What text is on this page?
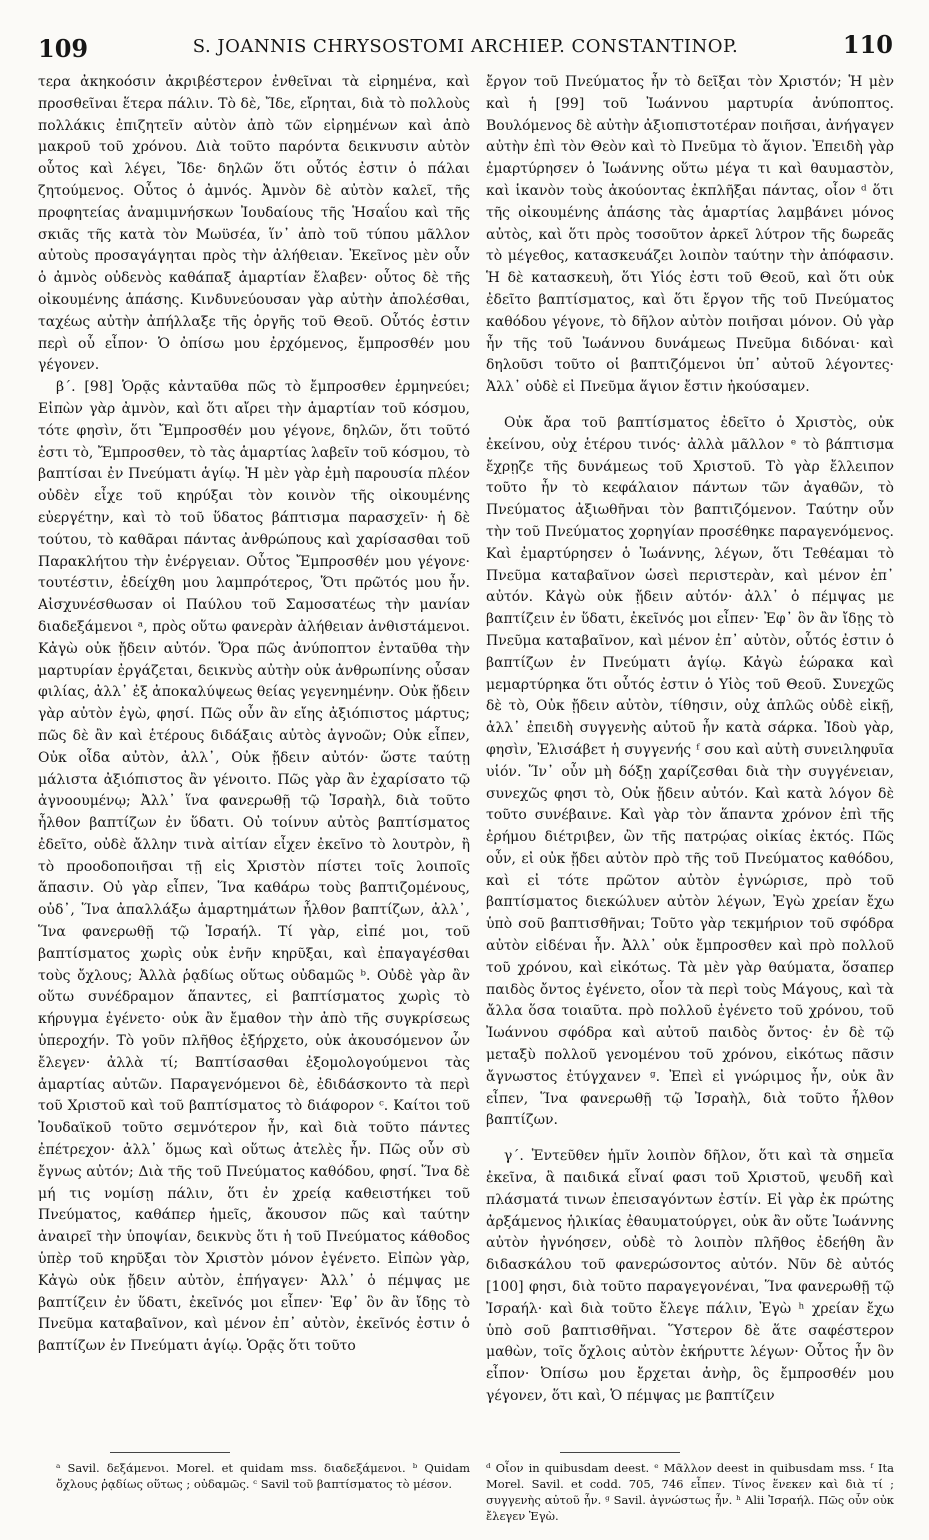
109	S. JOANNIS CHRYSOSTOMI ARCHIEP. CONSTANTINOP.	110

τερα ἀκηκοόσιν ἀκριβέστερον ἐνθεῖναι τὰ εἰρημένα, καὶ προσθεῖναι ἕτερα πάλιν. Τὸ δὲ, Ἴδε, εἴρηται, διὰ τὸ πολλοὺς πολλάκις ἐπιζητεῖν αὐτὸν ἀπὸ τῶν εἰρημένων καὶ ἀπὸ μακροῦ τοῦ χρόνου. Διὰ τοῦτο παρόντα δεικνυσιν αὐτὸν οὗτος καὶ λέγει, Ἴδε· δηλῶν ὅτι οὗτός ἐστιν ὁ πάλαι ζητούμενος. Οὗτος ὁ ἀμνός. Ἀμνὸν δὲ αὐτὸν καλεῖ, τῆς προφητείας ἀναμιμνήσκων Ἰουδαίους τῆς Ἡσαΐου καὶ τῆς σκιᾶς τῆς κατὰ τὸν Μωϋσέα, ἵν᾽ ἀπὸ τοῦ τύπου μᾶλλον αὐτοὺς προσαγάγηται πρὸς τὴν ἀλήθειαν. Ἐκεῖνος μὲν οὖν ὁ ἀμνὸς οὐδενὸς καθάπαξ ἁμαρτίαν ἔλαβεν· οὗτος δὲ τῆς οἰκουμένης ἁπάσης. Κινδυνεύουσαν γὰρ αὐτὴν ἀπολέσθαι, ταχέως αὐτὴν ἀπήλλαξε τῆς ὀργῆς τοῦ Θεοῦ. Οὗτός ἐστιν περὶ οὗ εἶπον· Ὁ ὀπίσω μου ἐρχόμενος, ἔμπροσθέν μου γέγονεν.

β΄. [98] Ὁρᾷς κἀνταῦθα πῶς τὸ ἔμπροσθεν ἑρμηνεύει; Εἰπὼν γὰρ ἀμνὸν, καὶ ὅτι αἴρει τὴν ἁμαρτίαν τοῦ κόσμου, τότε φησὶν, ὅτι Ἔμπροσθέν μου γέγονε, δηλῶν, ὅτι τοῦτό ἐστι τὸ, Ἔμπροσθεν, τὸ τὰς ἁμαρτίας λαβεῖν τοῦ κόσμου, τὸ βαπτίσαι ἐν Πνεύματι ἁγίῳ. Ἡ μὲν γὰρ ἐμὴ παρουσία πλέον οὐδὲν εἶχε τοῦ κηρύξαι τὸν κοινὸν τῆς οἰκουμένης εὐεργέτην, καὶ τὸ τοῦ ὕδατος βάπτισμα παρασχεῖν· ἡ δὲ τούτου, τὸ καθᾶραι πάντας ἀνθρώπους καὶ χαρίσασθαι τοῦ Παρακλήτου τὴν ἐνέργειαν. Οὗτος Ἔμπροσθέν μου γέγονε· τουτέστιν, ἐδείχθη μου λαμπρότερος, Ὅτι πρῶτός μου ἦν. Αἰσχυνέσθωσαν οἱ Παύλου τοῦ Σαμοσατέως τὴν μανίαν διαδεξάμενοι ᵃ, πρὸς οὕτω φανερὰν ἀλήθειαν ἀνθιστάμενοι. Κἀγὼ οὐκ ᾔδειν αὐτόν. Ὅρα πῶς ἀνύποπτον ἐνταῦθα τὴν μαρτυρίαν ἐργάζεται, δεικνὺς αὐτὴν οὐκ ἀνθρωπίνης οὖσαν φιλίας, ἀλλ᾽ ἐξ ἀποκαλύψεως θείας γεγενημένην. Οὐκ ᾔδειν γὰρ αὐτὸν ἐγὼ, φησί. Πῶς οὖν ἂν εἴης ἀξιόπιστος μάρτυς; πῶς δὲ ἂν καὶ ἑτέρους διδάξαις αὐτὸς ἀγνοῶν; Οὐκ εἶπεν, Οὐκ οἶδα αὐτὸν, ἀλλ᾽, Οὐκ ᾔδειν αὐτόν· ὥστε ταύτῃ μάλιστα ἀξιόπιστος ἂν γένοιτο. Πῶς γὰρ ἂν ἐχαρίσατο τῷ ἀγνοουμένῳ; Ἀλλ᾽ ἵνα φανερωθῇ τῷ Ἰσραὴλ, διὰ τοῦτο ἦλθον βαπτίζων ἐν ὕδατι. Οὐ τοίνυν αὐτὸς βαπτίσματος ἐδεῖτο, οὐδὲ ἄλλην τινὰ αἰτίαν εἶχεν ἐκεῖνο τὸ λουτρὸν, ἢ τὸ προοδοποιῆσαι τῇ εἰς Χριστὸν πίστει τοῖς λοιποῖς ἅπασιν. Οὐ γὰρ εἶπεν, Ἵνα καθάρω τοὺς βαπτιζομένους, οὐδ᾽, Ἵνα ἀπαλλάξω ἁμαρτημάτων ἦλθον βαπτίζων, ἀλλ᾽, Ἵνα φανερωθῇ τῷ Ἰσραήλ. Τί γὰρ, εἰπέ μοι, τοῦ βαπτίσματος χωρὶς οὐκ ἐνῆν κηρῦξαι, καὶ ἐπαγαγέσθαι τοὺς ὄχλους; Ἀλλὰ ῥᾳδίως οὕτως οὐδαμῶς ᵇ. Οὐδὲ γὰρ ἂν οὕτω συνέδραμον ἅπαντες, εἰ βαπτίσματος χωρὶς τὸ κήρυγμα ἐγένετο· οὐκ ἂν ἔμαθον τὴν ἀπὸ τῆς συγκρίσεως ὑπεροχήν. Τὸ γοῦν πλῆθος ἐξήρχετο, οὐκ ἀκουσόμενον ὧν ἔλεγεν· ἀλλὰ τί; Βαπτίσασθαι ἐξομολογούμενοι τὰς ἁμαρτίας αὐτῶν. Παραγενόμενοι δὲ, ἐδιδάσκοντο τὰ περὶ τοῦ Χριστοῦ καὶ τοῦ βαπτίσματος τὸ διάφορον ᶜ. Καίτοι τοῦ Ἰουδαϊκοῦ τοῦτο σεμνότερον ἦν, καὶ διὰ τοῦτο πάντες ἐπέτρεχον· ἀλλ᾽ ὅμως καὶ οὕτως ἀτελὲς ἦν. Πῶς οὖν σὺ ἔγνως αὐτόν; Διὰ τῆς τοῦ Πνεύματος καθόδου, φησί. Ἵνα δὲ μή τις νομίσῃ πάλιν, ὅτι ἐν χρείᾳ καθειστήκει τοῦ Πνεύματος, καθάπερ ἡμεῖς, ἄκουσον πῶς καὶ ταύτην ἀναιρεῖ τὴν ὑποψίαν, δεικνὺς ὅτι ἡ τοῦ Πνεύματος κάθοδος ὑπὲρ τοῦ κηρῦξαι τὸν Χριστὸν μόνον ἐγένετο. Εἰπὼν γὰρ, Κἀγὼ οὐκ ᾔδειν αὐτὸν, ἐπήγαγεν· Ἀλλ᾽ ὁ πέμψας με βαπτίζειν ἐν ὕδατι, ἐκεῖνός μοι εἶπεν· Ἐφ᾽ ὃν ἂν ἴδῃς τὸ Πνεῦμα καταβαῖνον, καὶ μένον ἐπ᾽ αὐτὸν, ἐκεῖνός ἐστιν ὁ βαπτίζων ἐν Πνεύματι ἁγίῳ. Ὁρᾷς ὅτι τοῦτο

ἔργον τοῦ Πνεύματος ἦν τὸ δεῖξαι τὸν Χριστόν; Ἡ μὲν καὶ ἡ [99] τοῦ Ἰωάννου μαρτυρία ἀνύποπτος. Βουλόμενος δὲ αὐτὴν ἀξιοπιστοτέραν ποιῆσαι, ἀνήγαγεν αὐτὴν ἐπὶ τὸν Θεὸν καὶ τὸ Πνεῦμα τὸ ἅγιον. Ἐπειδὴ γὰρ ἐμαρτύρησεν ὁ Ἰωάννης οὕτω μέγα τι καὶ θαυμαστὸν, καὶ ἱκανὸν τοὺς ἀκούοντας ἐκπλῆξαι πάντας, οἷον ᵈ ὅτι τῆς οἰκουμένης ἁπάσης τὰς ἁμαρτίας λαμβάνει μόνος αὐτὸς, καὶ ὅτι πρὸς τοσοῦτον ἀρκεῖ λύτρον τῆς δωρεᾶς τὸ μέγεθος, κατασκευάζει λοιπὸν ταύτην τὴν ἀπόφασιν. Ἡ δὲ κατασκευὴ, ὅτι Υἱός ἐστι τοῦ Θεοῦ, καὶ ὅτι οὐκ ἐδεῖτο βαπτίσματος, καὶ ὅτι ἔργον τῆς τοῦ Πνεύματος καθόδου γέγονε, τὸ δῆλον αὐτὸν ποιῆσαι μόνον. Οὐ γὰρ ἦν τῆς τοῦ Ἰωάννου δυνάμεως Πνεῦμα διδόναι· καὶ δηλοῦσι τοῦτο οἱ βαπτιζόμενοι ὑπ᾽ αὐτοῦ λέγοντες· Ἀλλ᾽ οὐδὲ εἰ Πνεῦμα ἅγιον ἔστιν ἠκούσαμεν.

Οὐκ ἄρα τοῦ βαπτίσματος ἐδεῖτο ὁ Χριστὸς, οὐκ ἐκείνου, οὐχ ἑτέρου τινός· ἀλλὰ μᾶλλον ᵉ τὸ βάπτισμα ἔχρῃζε τῆς δυνάμεως τοῦ Χριστοῦ. Τὸ γὰρ ἔλλειπον τοῦτο ἦν τὸ κεφάλαιον πάντων τῶν ἀγαθῶν, τὸ Πνεύματος ἀξιωθῆναι τὸν βαπτιζόμενον. Ταύτην οὖν τὴν τοῦ Πνεύματος χορηγίαν προσέθηκε παραγενόμενος. Καὶ ἐμαρτύρησεν ὁ Ἰωάννης, λέγων, ὅτι Τεθέαμαι τὸ Πνεῦμα καταβαῖνον ὡσεὶ περιστερὰν, καὶ μένον ἐπ᾽ αὐτόν. Κἀγὼ οὐκ ᾔδειν αὐτόν· ἀλλ᾽ ὁ πέμψας με βαπτίζειν ἐν ὕδατι, ἐκεῖνός μοι εἶπεν· Ἐφ᾽ ὃν ἂν ἴδῃς τὸ Πνεῦμα καταβαῖνον, καὶ μένον ἐπ᾽ αὐτὸν, οὗτός ἐστιν ὁ βαπτίζων ἐν Πνεύματι ἁγίῳ. Κἀγὼ ἑώρακα καὶ μεμαρτύρηκα ὅτι οὗτός ἐστιν ὁ Υἱὸς τοῦ Θεοῦ. Συνεχῶς δὲ τὸ, Οὐκ ᾔδειν αὐτὸν, τίθησιν, οὐχ ἁπλῶς οὐδὲ εἰκῇ, ἀλλ᾽ ἐπειδὴ συγγενὴς αὐτοῦ ἦν κατὰ σάρκα. Ἰδοὺ γὰρ, φησὶν, Ἐλισάβετ ἡ συγγενής ᶠ σου καὶ αὐτὴ συνειληφυῖα υἱόν. Ἵν᾽ οὖν μὴ δόξῃ χαρίζεσθαι διὰ τὴν συγγένειαν, συνεχῶς φησι τὸ, Οὐκ ᾔδειν αὐτόν. Καὶ κατὰ λόγον δὲ τοῦτο συνέβαινε. Καὶ γὰρ τὸν ἅπαντα χρόνον ἐπὶ τῆς ἐρήμου διέτριβεν, ὢν τῆς πατρῴας οἰκίας ἐκτός. Πῶς οὖν, εἰ οὐκ ᾔδει αὐτὸν πρὸ τῆς τοῦ Πνεύματος καθόδου, καὶ εἰ τότε πρῶτον αὐτὸν ἐγνώρισε, πρὸ τοῦ βαπτίσματος διεκώλυεν αὐτὸν λέγων, Ἐγὼ χρείαν ἔχω ὑπὸ σοῦ βαπτισθῆναι; Τοῦτο γὰρ τεκμήριον τοῦ σφόδρα αὐτὸν εἰδέναι ἦν. Ἀλλ᾽ οὐκ ἔμπροσθεν καὶ πρὸ πολλοῦ τοῦ χρόνου, καὶ εἰκότως. Τὰ μὲν γὰρ θαύματα, ὅσαπερ παιδὸς ὄντος ἐγένετο, οἷον τὰ περὶ τοὺς Μάγους, καὶ τὰ ἄλλα ὅσα τοιαῦτα. πρὸ πολλοῦ ἐγένετο τοῦ χρόνου, τοῦ Ἰωάννου σφόδρα καὶ αὐτοῦ παιδὸς ὄντος· ἐν δὲ τῷ μεταξὺ πολλοῦ γενομένου τοῦ χρόνου, εἰκότως πᾶσιν ἄγνωστος ἐτύγχανεν ᵍ. Ἐπεὶ εἰ γνώριμος ἦν, οὐκ ἂν εἶπεν, Ἵνα φανερωθῇ τῷ Ἰσραὴλ, διὰ τοῦτο ἦλθον βαπτίζων.

γ΄. Ἐντεῦθεν ἡμῖν λοιπὸν δῆλον, ὅτι καὶ τὰ σημεῖα ἐκεῖνα, ἃ παιδικά εἶναί φασι τοῦ Χριστοῦ, ψευδῆ καὶ πλάσματά τινων ἐπεισαγόντων ἐστίν. Εἰ γὰρ ἐκ πρώτης ἀρξάμενος ἡλικίας ἐθαυματούργει, οὐκ ἂν οὔτε Ἰωάννης αὐτὸν ἠγνόησεν, οὐδὲ τὸ λοιπὸν πλῆθος ἐδεήθη ἂν διδασκάλου τοῦ φανερώσοντος αὐτόν. Νῦν δὲ αὐτός [100] φησι, διὰ τοῦτο παραγεγονέναι, Ἵνα φανερωθῇ τῷ Ἰσραήλ· καὶ διὰ τοῦτο ἔλεγε πάλιν, Ἐγὼ ʰ χρείαν ἔχω ὑπὸ σοῦ βαπτισθῆναι. Ὕστερον δὲ ἅτε σαφέστερον μαθὼν, τοῖς ὄχλοις αὐτὸν ἐκήρυττε λέγων· Οὗτος ἦν ὃν εἶπον· Ὀπίσω μου ἔρχεται ἀνὴρ, ὃς ἔμπροσθέν μου γέγονεν, ὅτι καὶ, Ὁ πέμψας με βαπτίζειν

ᵃ Savil. δεξάμενοι. Morel. et quidam mss. διαδεξάμενοι. ᵇ Quidam ὄχλους ῥᾳδίως οὕτως ; οὐδαμῶς. ᶜ Savil τοῦ βαπτίσματος τὸ μέσον.

ᵈ Οἷον in quibusdam deest. ᵉ Μᾶλλον deest in quibusdam mss. ᶠ Ita Morel. Savil. et codd. 705, 746 εἶπεν. Τίνος ἕνεκεν καὶ διὰ τί ; συγγενὴς αὐτοῦ ἦν. ᵍ Savil. ἀγνώστως ἦν. ʰ Alii Ἰσραήλ. Πῶς οὖν οὐκ ἔλεγεν Ἐγὼ.
